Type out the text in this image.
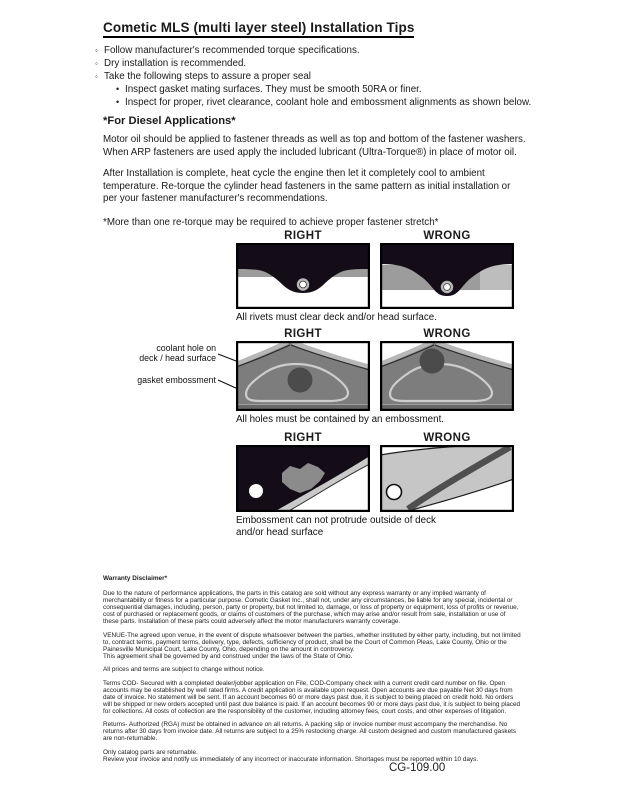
Cometic MLS (multi layer steel) Installation Tips
◦ Follow manufacturer's recommended torque specifications.
◦ Dry installation is recommended.
◦ Take the following steps to assure a proper seal
• Inspect gasket mating surfaces. They must be smooth 50RA or finer.
• Inspect for proper, rivet clearance, coolant hole and embossment alignments as shown below.
*For Diesel Applications*

Motor oil should be applied to fastener threads as well as top and bottom of the fastener washers. When ARP fasteners are used apply the included lubricant (Ultra-Torque®) in place of motor oil.

After Installation is complete, heat cycle the engine then let it completely cool to ambient temperature. Re-torque the cylinder head fasteners in the same pattern as initial installation or per your fastener manufacturer's recommendations.

*More than one re-torque may be required to achieve proper fastener stretch*

RIGHT	WRONG
All rivets must clear deck and/or head surface.
coolant hole on
deck / head surface
gasket embossment
RIGHT	WRONG
All holes must be contained by an embossment.
RIGHT	WRONG
Embossment can not protrude outside of deck
and/or head surface
Warranty Disclaimer*

Due to the nature of performance applications, the parts in this catalog are sold without any express warranty or any implied warranty of merchantability or fitness for a particular purpose. Cometic Gasket Inc., shall not, under any circumstances, be liable for any special, incidental or consequential damages, including, person, party or property, but not limited to, damage, or loss of property or equipment, loss of profits or revenue, cost of purchased or replacement goods, or claims of customers of the purchase, which may arise and/or result from sale, installation or use of these parts. Installation of these parts could adversely affect the motor manufacturers warranty coverage.

VENUE-The agreed upon venue, in the event of dispute whatsoever between the parties, whether instituted by either party, including, but not limited to, contract terms, payment terms, delivery, type, defects, sufficiency of product, shall be the Court of Common Pleas, Lake County, Ohio or the Painesville Municipal Court, Lake County, Ohio, depending on the amount in controversy.
This agreement shall be governed by and construed under the laws of the State of Ohio.

All prices and terms are subject to change without notice.

Terms COD- Secured with a completed dealer/jobber application on File, COD-Company check with a current credit card number on file. Open accounts may be established by well rated firms. A credit application is available upon request. Open accounts are due payable Net 30 days from date of invoice. No statement will be sent. If an account becomes 60 or more days past due, it is subject to being placed on credit hold. No orders will be shipped or new orders accepted until past due balance is paid. If an account becomes 90 or more days past due, it is subject to being placed for collections. All costs of collection are the responsibility of the customer, including attorney fees, court costs, and other expenses of litigation.

Returns- Authorized (RGA) must be obtained in advance on all returns. A packing slip or invoice number must accompany the merchandise. No returns after 30 days from invoice date. All returns are subject to a 25% restocking charge. All custom designed and custom manufactured gaskets are non-returnable.

Only catalog parts are returnable.
Review your invoice and notify us immediately of any incorrect or inaccurate information. Shortages must be reported within 10 days.

CG-109.00
